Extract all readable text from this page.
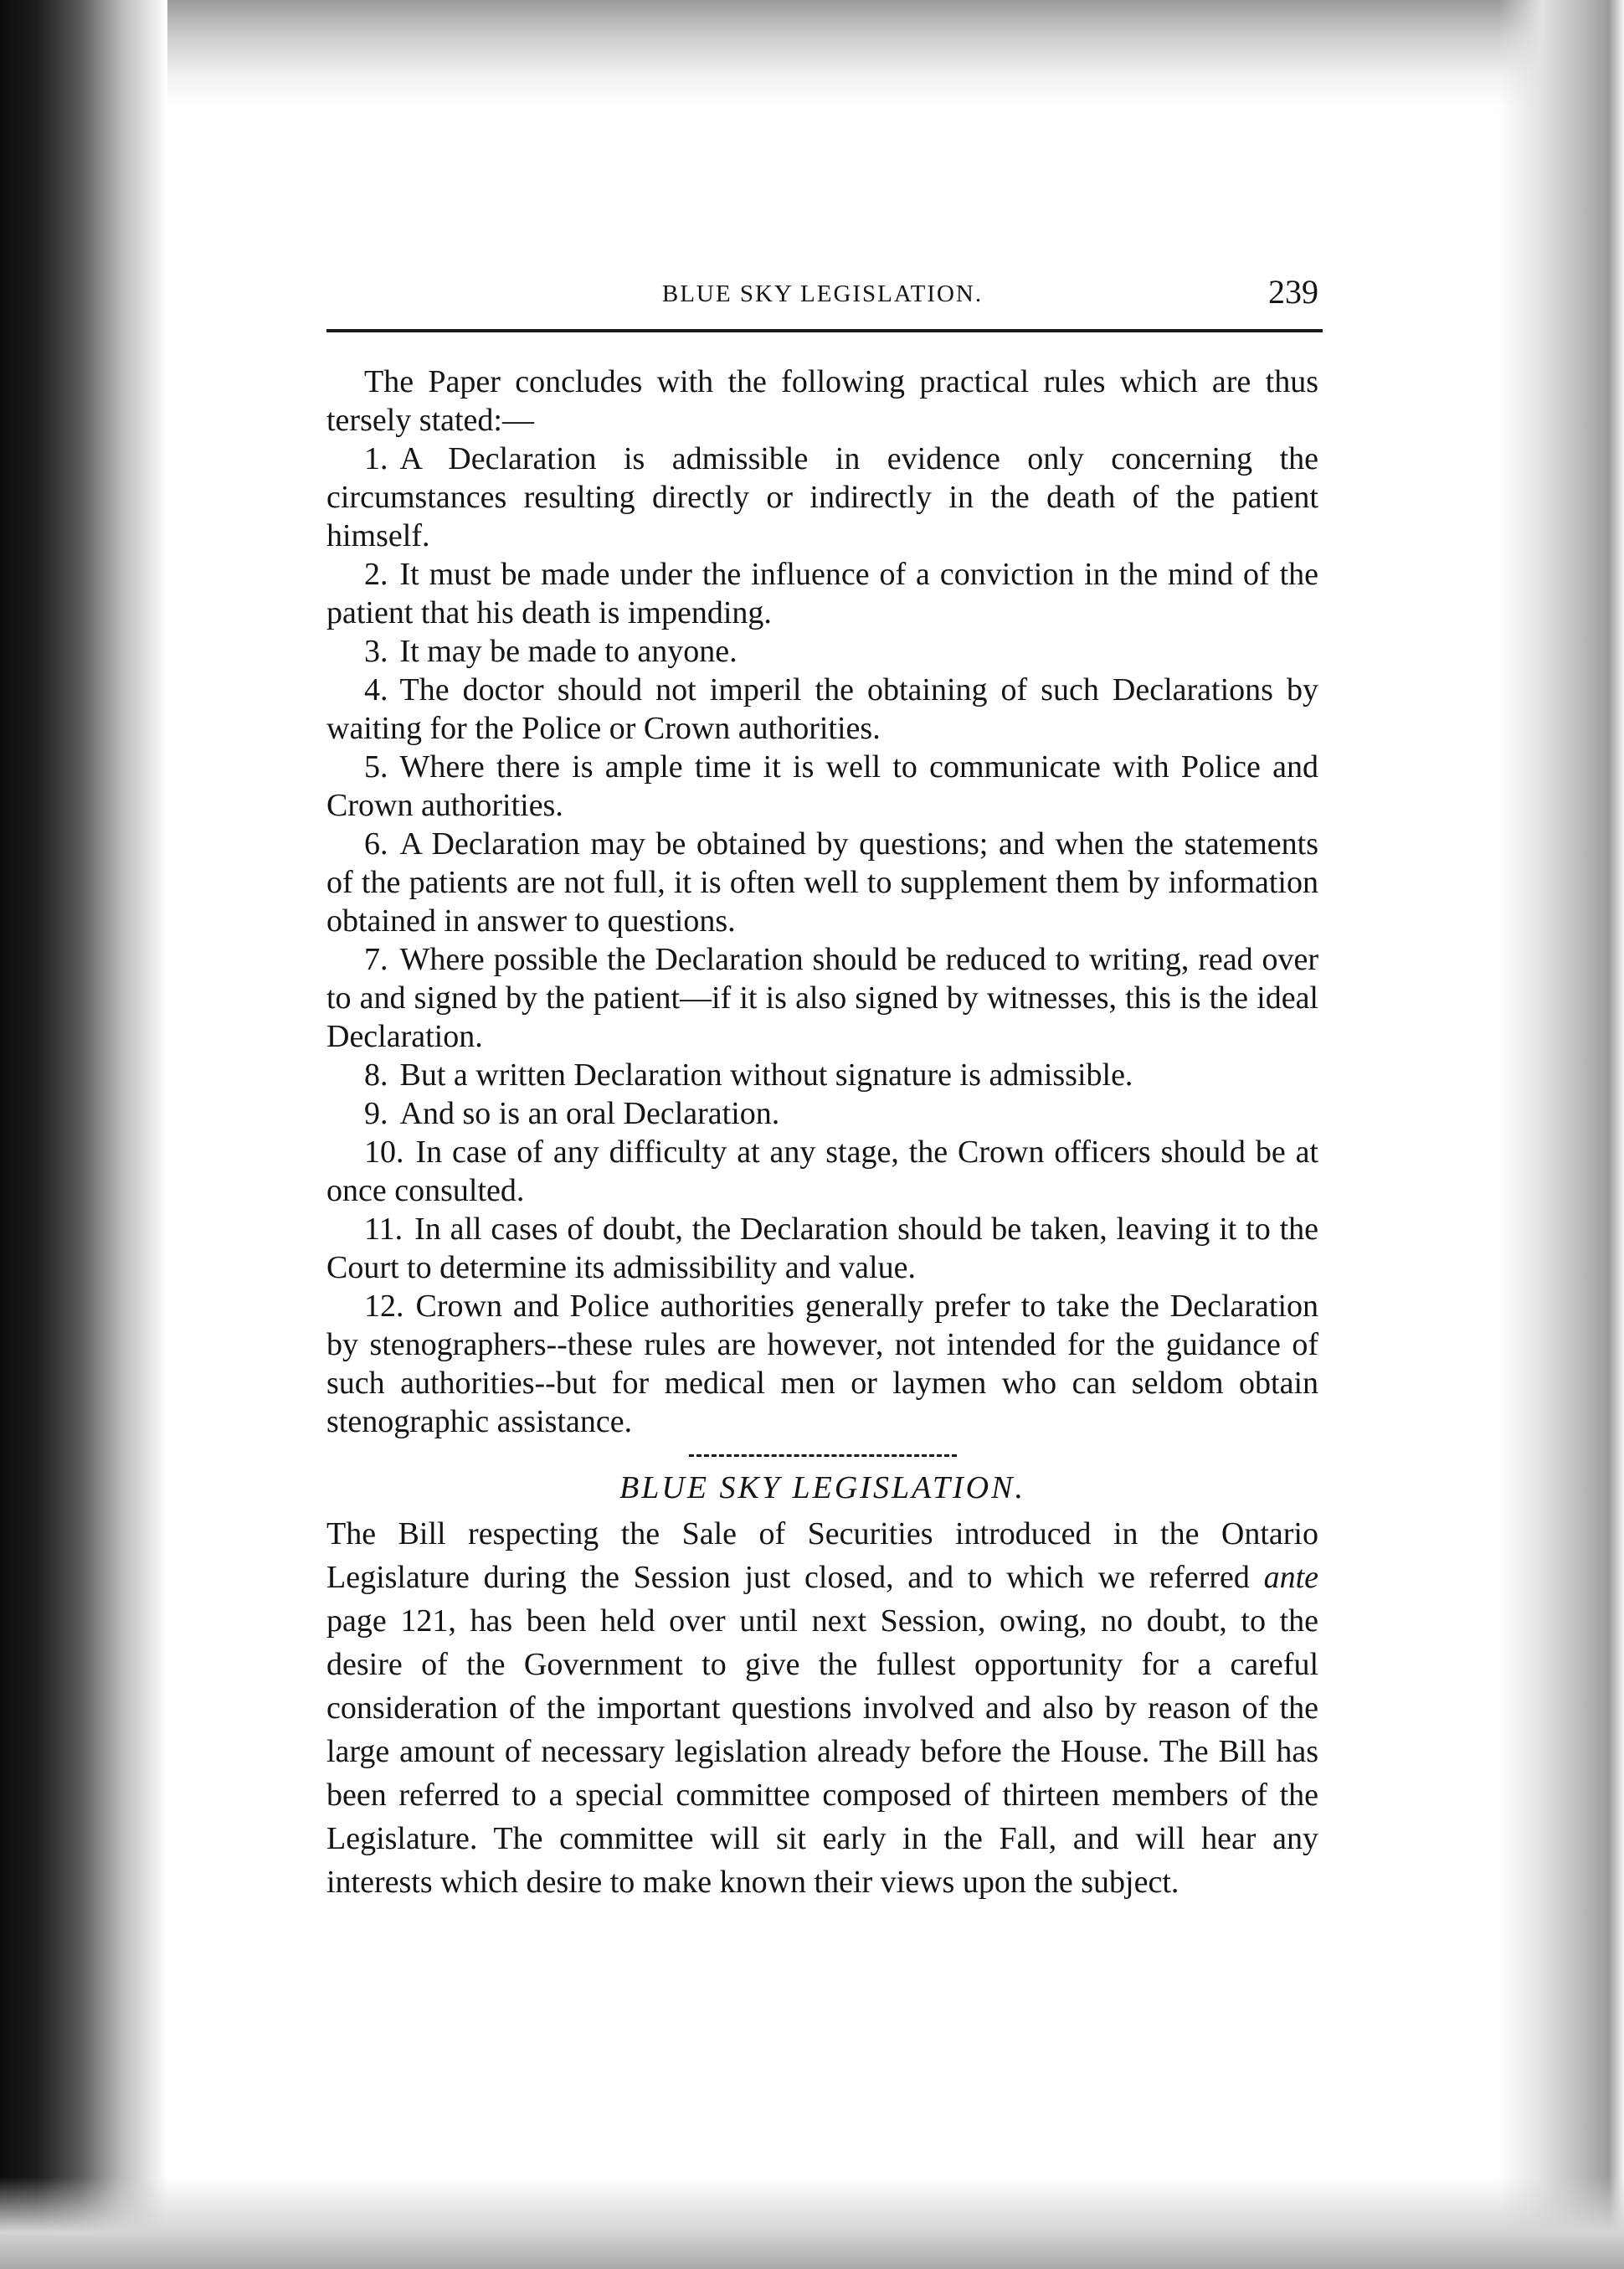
BLUE SKY LEGISLATION.	239

The Paper concludes with the following practical rules which are thus tersely stated:—

1. A Declaration is admissible in evidence only concerning the circumstances resulting directly or indirectly in the death of the patient himself.

2. It must be made under the influence of a conviction in the mind of the patient that his death is impending.

3. It may be made to anyone.

4. The doctor should not imperil the obtaining of such Declarations by waiting for the Police or Crown authorities.

5. Where there is ample time it is well to communicate with Police and Crown authorities.

6. A Declaration may be obtained by questions; and when the statements of the patients are not full, it is often well to supplement them by information obtained in answer to questions.

7. Where possible the Declaration should be reduced to writing, read over to and signed by the patient—if it is also signed by witnesses, this is the ideal Declaration.

8. But a written Declaration without signature is admissible.

9. And so is an oral Declaration.

10. In case of any difficulty at any stage, the Crown officers should be at once consulted.

11. In all cases of doubt, the Declaration should be taken, leaving it to the Court to determine its admissibility and value.

12. Crown and Police authorities generally prefer to take the Declaration by stenographers--these rules are however, not intended for the guidance of such authorities--but for medical men or laymen who can seldom obtain stenographic assistance.

BLUE SKY LEGISLATION.

The Bill respecting the Sale of Securities introduced in the Ontario Legislature during the Session just closed, and to which we referred ante page 121, has been held over until next Session, owing, no doubt, to the desire of the Government to give the fullest opportunity for a careful consideration of the important questions involved and also by reason of the large amount of necessary legislation already before the House. The Bill has been referred to a special committee composed of thirteen members of the Legislature. The committee will sit early in the Fall, and will hear any interests which desire to make known their views upon the subject.
